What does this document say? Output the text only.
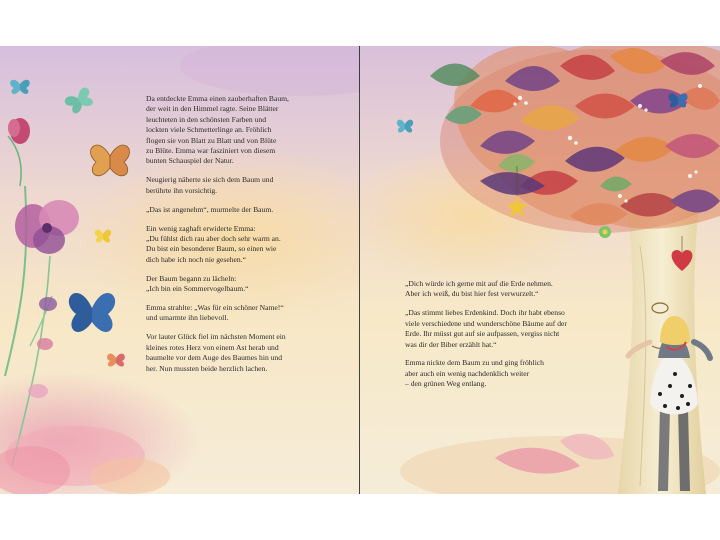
Da entdeckte Emma einen zauberhaften Baum,
der weit in den Himmel ragte. Seine Blätter
leuchteten in den schönsten Farben und
lockten viele Schmetterlinge an. Fröhlich
flogen sie von Blatt zu Blatt und von Blüte
zu Blüte. Emma war fasziniert von diesem
bunten Schauspiel der Natur.

Neugierig näherte sie sich dem Baum und
berührte ihn vorsichtig.

„Das ist angenehm“, murmelte der Baum.

Ein wenig zaghaft erwiderte Emma:
„Du fühlst dich rau aber doch sehr warm an.
Du bist ein besonderer Baum, so einen wie
dich habe ich noch nie gesehen.“

Der Baum begann zu lächeln:
„Ich bin ein Sommervogelbaum.“

Emma strahlte: „Was für ein schöner Name!“
und umarmte ihn liebevoll.

Vor lauter Glück fiel im nächsten Moment ein
kleines rotes Herz von einem Ast herab und
baumelte vor dem Auge des Baumes hin und
her. Nun mussten beide herzlich lachen.

„Dich würde ich gerne mit auf die Erde nehmen.
Aber ich weiß, du bist hier fest verwurzelt.“

„Das stimmt liebes Erdenkind. Doch ihr habt ebenso
viele verschiedene und wunderschöne Bäume auf der
Erde. Ihr müsst gut auf sie aufpassen, vergiss nicht
was dir der Biber erzählt hat.“

Emma nickte dem Baum zu und ging fröhlich
aber auch ein wenig nachdenklich weiter
– den grünen Weg entlang.
